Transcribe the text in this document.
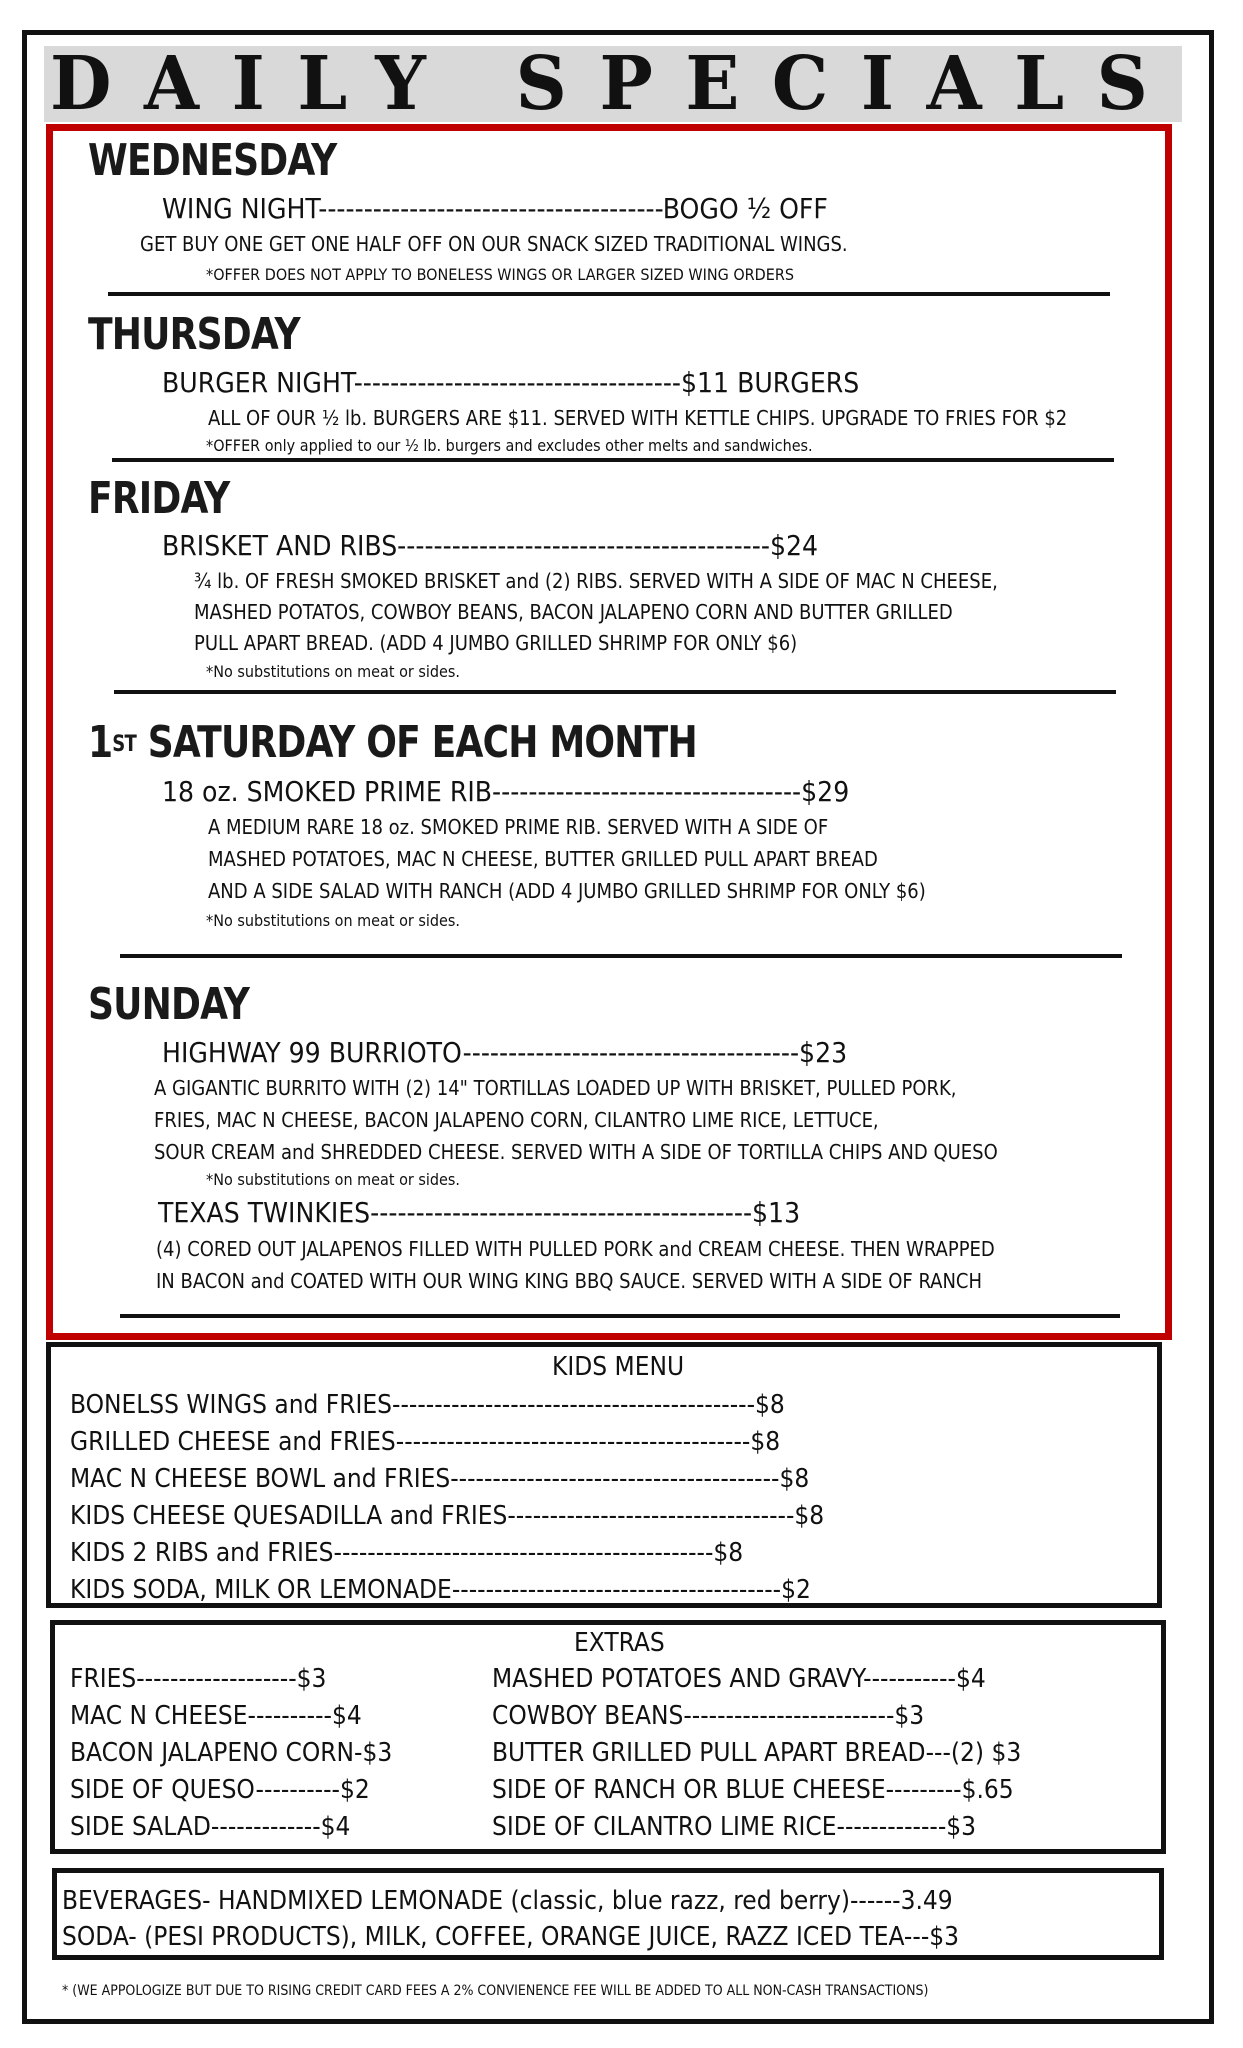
DAILY SPECIALS
WEDNESDAY
WING NIGHT--------------------------------------BOGO ½ OFF
GET BUY ONE GET ONE HALF OFF ON OUR SNACK SIZED TRADITIONAL WINGS.
*OFFER DOES NOT APPLY TO BONELESS WINGS OR LARGER SIZED WING ORDERS
THURSDAY
BURGER NIGHT------------------------------------$11 BURGERS
ALL OF OUR ½ lb. BURGERS ARE $11. SERVED WITH KETTLE CHIPS. UPGRADE TO FRIES FOR $2
*OFFER only applied to our ½ lb. burgers and excludes other melts and sandwiches.
FRIDAY
BRISKET AND RIBS-----------------------------------------$24
¾ lb. OF FRESH SMOKED BRISKET and (2) RIBS. SERVED WITH A SIDE OF MAC N CHEESE,
MASHED POTATOS, COWBOY BEANS, BACON JALAPENO CORN AND BUTTER GRILLED
PULL APART BREAD. (ADD 4 JUMBO GRILLED SHRIMP FOR ONLY $6)
*No substitutions on meat or sides.
1ST SATURDAY OF EACH MONTH
18 oz. SMOKED PRIME RIB----------------------------------$29
A MEDIUM RARE 18 oz. SMOKED PRIME RIB. SERVED WITH A SIDE OF
MASHED POTATOES, MAC N CHEESE, BUTTER GRILLED PULL APART BREAD
AND A SIDE SALAD WITH RANCH (ADD 4 JUMBO GRILLED SHRIMP FOR ONLY $6)
*No substitutions on meat or sides.
SUNDAY
HIGHWAY 99 BURRIOTO-------------------------------------$23
A GIGANTIC BURRITO WITH (2) 14" TORTILLAS LOADED UP WITH BRISKET, PULLED PORK,
FRIES, MAC N CHEESE, BACON JALAPENO CORN, CILANTRO LIME RICE, LETTUCE,
SOUR CREAM and SHREDDED CHEESE. SERVED WITH A SIDE OF TORTILLA CHIPS AND QUESO
*No substitutions on meat or sides.
TEXAS TWINKIES------------------------------------------$13
(4) CORED OUT JALAPENOS FILLED WITH PULLED PORK and CREAM CHEESE. THEN WRAPPED
IN BACON and COATED WITH OUR WING KING BBQ SAUCE. SERVED WITH A SIDE OF RANCH
KIDS MENU
BONELSS WINGS and FRIES-------------------------------------------$8
GRILLED CHEESE and FRIES------------------------------------------$8
MAC N CHEESE BOWL and FRIES---------------------------------------$8
KIDS CHEESE QUESADILLA and FRIES----------------------------------$8
KIDS 2 RIBS and FRIES---------------------------------------------$8
KIDS SODA, MILK OR LEMONADE---------------------------------------$2
EXTRAS
FRIES-------------------$3
MAC N CHEESE----------$4
BACON JALAPENO CORN-$3
SIDE OF QUESO----------$2
SIDE SALAD-------------$4
MASHED POTATOES AND GRAVY-----------$4
COWBOY BEANS-------------------------$3
BUTTER GRILLED PULL APART BREAD---(2) $3
SIDE OF RANCH OR BLUE CHEESE---------$.65
SIDE OF CILANTRO LIME RICE-------------$3
BEVERAGES- HANDMIXED LEMONADE (classic, blue razz, red berry)------3.49
SODA- (PESI PRODUCTS), MILK, COFFEE, ORANGE JUICE, RAZZ ICED TEA---$3
* (WE APPOLOGIZE BUT DUE TO RISING CREDIT CARD FEES A 2% CONVIENENCE FEE WILL BE ADDED TO ALL NON-CASH TRANSACTIONS)
